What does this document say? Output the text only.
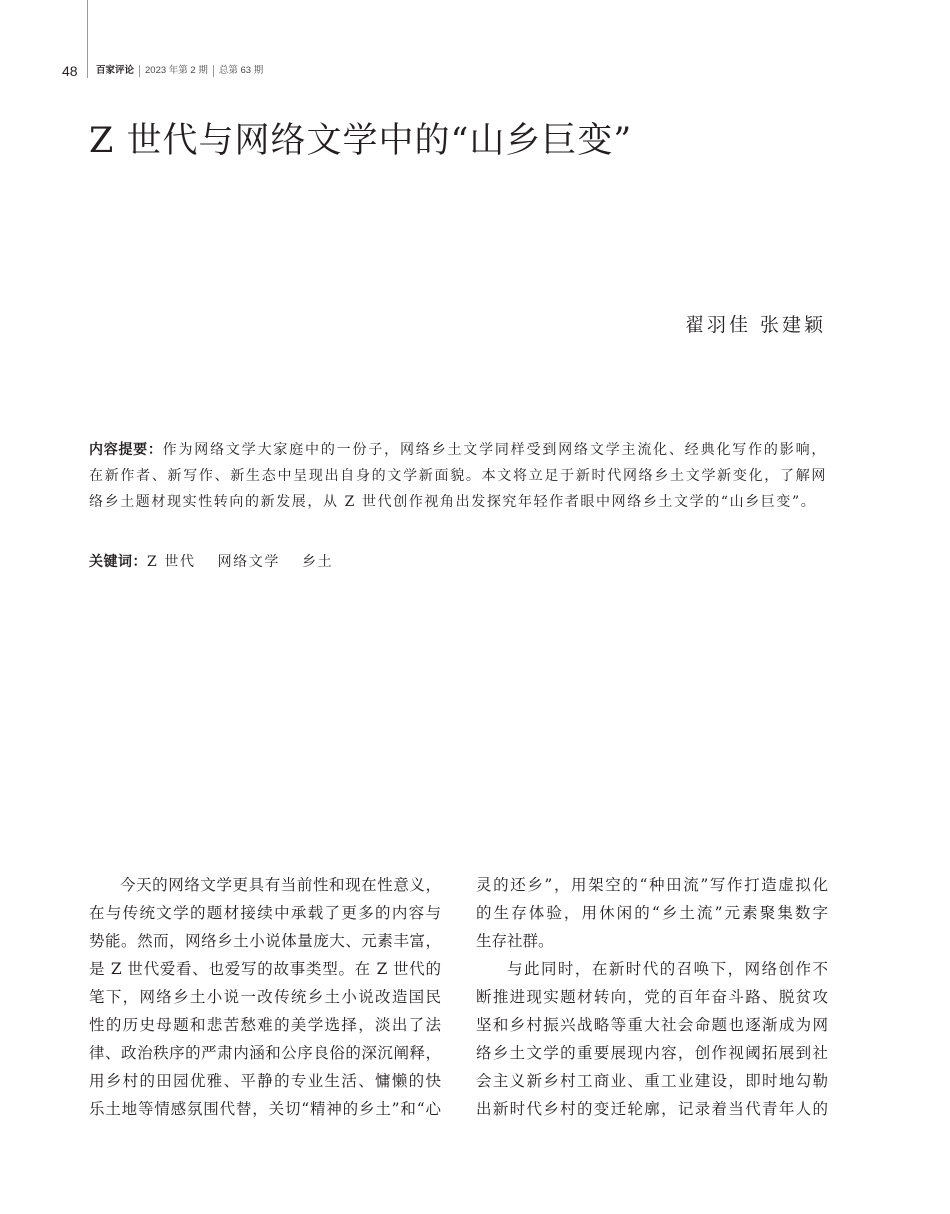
48	百家评论	2023 年第 2 期	总第 63 期
Z 世代与网络文学中的“山乡巨变”
翟羽佳 张建颖
内容提要：作为网络文学大家庭中的一份子，网络乡土文学同样受到网络文学主流化、经典化写作的影响，在新作者、新写作、新生态中呈现出自身的文学新面貌。本文将立足于新时代网络乡土文学新变化，了解网络乡土题材现实性转向的新发展，从 Z 世代创作视角出发探究年轻作者眼中网络乡土文学的“山乡巨变”。
关键词：Z 世代 网络文学 乡土
今天的网络文学更具有当前性和现在性意义，
在与传统文学的题材接续中承载了更多的内容与
势能。然而，网络乡土小说体量庞大、元素丰富，
是 Z 世代爱看、也爱写的故事类型。在 Z 世代的
笔下，网络乡土小说一改传统乡土小说改造国民
性的历史母题和悲苦愁难的美学选择，淡出了法
律、政治秩序的严肃内涵和公序良俗的深沉阐释，
用乡村的田园优雅、平静的专业生活、慵懒的快
乐土地等情感氛围代替，关切“精神的乡土”和“心
灵的还乡”，用架空的“种田流”写作打造虚拟化
的生存体验，用休闲的“乡土流”元素聚集数字
生存社群。
与此同时，在新时代的召唤下，网络创作不
断推进现实题材转向，党的百年奋斗路、脱贫攻
坚和乡村振兴战略等重大社会命题也逐渐成为网
络乡土文学的重要展现内容，创作视阈拓展到社
会主义新乡村工商业、重工业建设，即时地勾勒
出新时代乡村的变迁轮廓，记录着当代青年人的
